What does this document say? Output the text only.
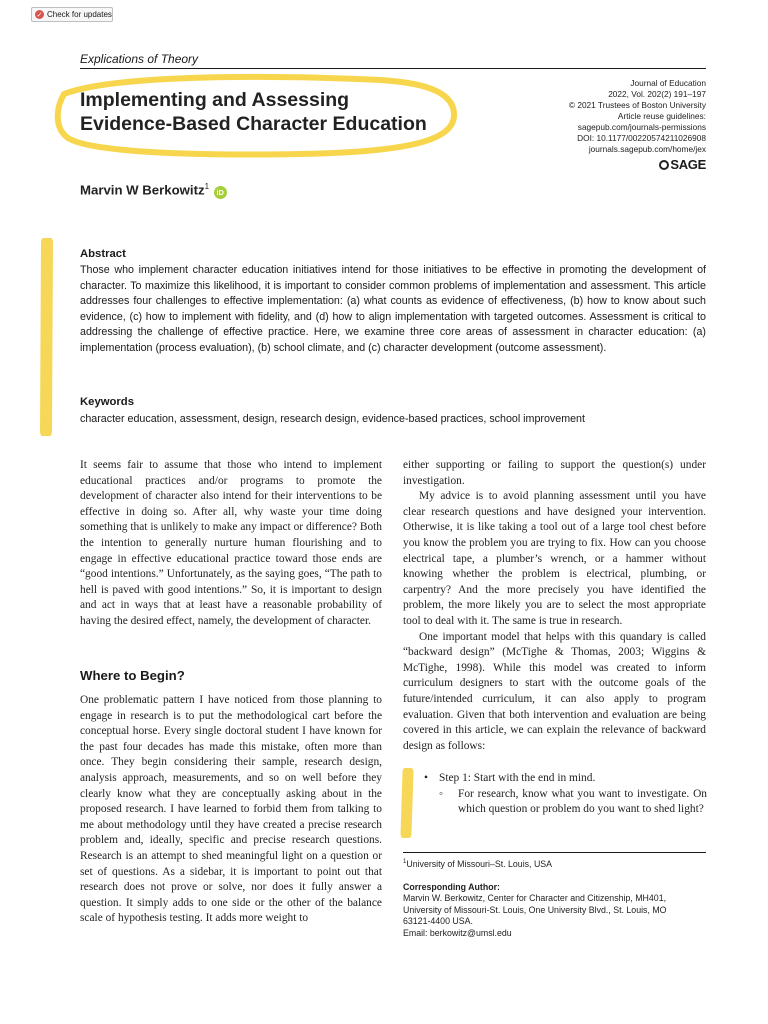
✓ Check for updates
Explications of Theory
Implementing and Assessing
Evidence-Based Character Education
Journal of Education
2022, Vol. 202(2) 191–197
© 2021 Trustees of Boston University
Article reuse guidelines:
sagepub.com/journals-permissions
DOI: 10.1177/00220574211026908
journals.sagepub.com/home/jex
SAGE
Marvin W Berkowitz$^1$ iD
Abstract
Those who implement character education initiatives intend for those initiatives to be effective in promoting the development of character. To maximize this likelihood, it is important to consider common problems of implementation and assessment. This article addresses four challenges to effective implementation: (a) what counts as evidence of effectiveness, (b) how to know about such evidence, (c) how to implement with fidelity, and (d) how to align implementation with targeted outcomes. Assessment is critical to addressing the challenge of effective practice. Here, we examine three core areas of assessment in character education: (a) implementation (process evaluation), (b) school climate, and (c) character development (outcome assessment).
Keywords
character education, assessment, design, research design, evidence-based practices, school improvement
It seems fair to assume that those who intend to implement educational practices and/or programs to promote the development of character also intend for their interventions to be effective in doing so. After all, why waste your time doing something that is unlikely to make any impact or difference? Both the intention to generally nurture human flourishing and to engage in effective educational practice toward those ends are “good intentions.” Unfortunately, as the saying goes, “The path to hell is paved with good intentions.” So, it is important to design and act in ways that at least have a reasonable probability of having the desired effect, namely, the development of character.
Where to Begin?
One problematic pattern I have noticed from those planning to engage in research is to put the methodological cart before the conceptual horse. Every single doctoral student I have known for the past four decades has made this mistake, often more than once. They begin considering their sample, research design, analysis approach, measurements, and so on well before they clearly know what they are conceptually asking about in the proposed research. I have learned to forbid them from talking to me about methodology until they have created a precise research problem and, ideally, specific and precise research questions. Research is an attempt to shed meaningful light on a question or set of questions. As a sidebar, it is important to point out that research does not prove or solve, nor does it fully answer a question. It simply adds to one side or the other of the balance scale of hypothesis testing. It adds more weight to

either supporting or failing to support the question(s) under investigation.

My advice is to avoid planning assessment until you have clear research questions and have designed your intervention. Otherwise, it is like taking a tool out of a large tool chest before you know the problem you are trying to fix. How can you choose electrical tape, a plumber’s wrench, or a hammer without knowing whether the problem is electrical, plumbing, or carpentry? And the more precisely you have identified the problem, the more likely you are to select the most appropriate tool to deal with it. The same is true in research.

One important model that helps with this quandary is called “backward design” (McTighe & Thomas, 2003; Wiggins & McTighe, 1998). While this model was created to inform curriculum designers to start with the outcome goals of the future/intended curriculum, it can also apply to program evaluation. Given that both intervention and evaluation are being covered in this article, we can explain the relevance of backward design as follows:

• Step 1: Start with the end in mind.
◦ For research, know what you want to investigate. On which question or problem do you want to shed light?
$^1$University of Missouri–St. Louis, USA
Corresponding Author:
Marvin W. Berkowitz, Center for Character and Citizenship, MH401,
University of Missouri-St. Louis, One University Blvd., St. Louis, MO
63121-4400 USA.
Email: berkowitz@umsl.edu
